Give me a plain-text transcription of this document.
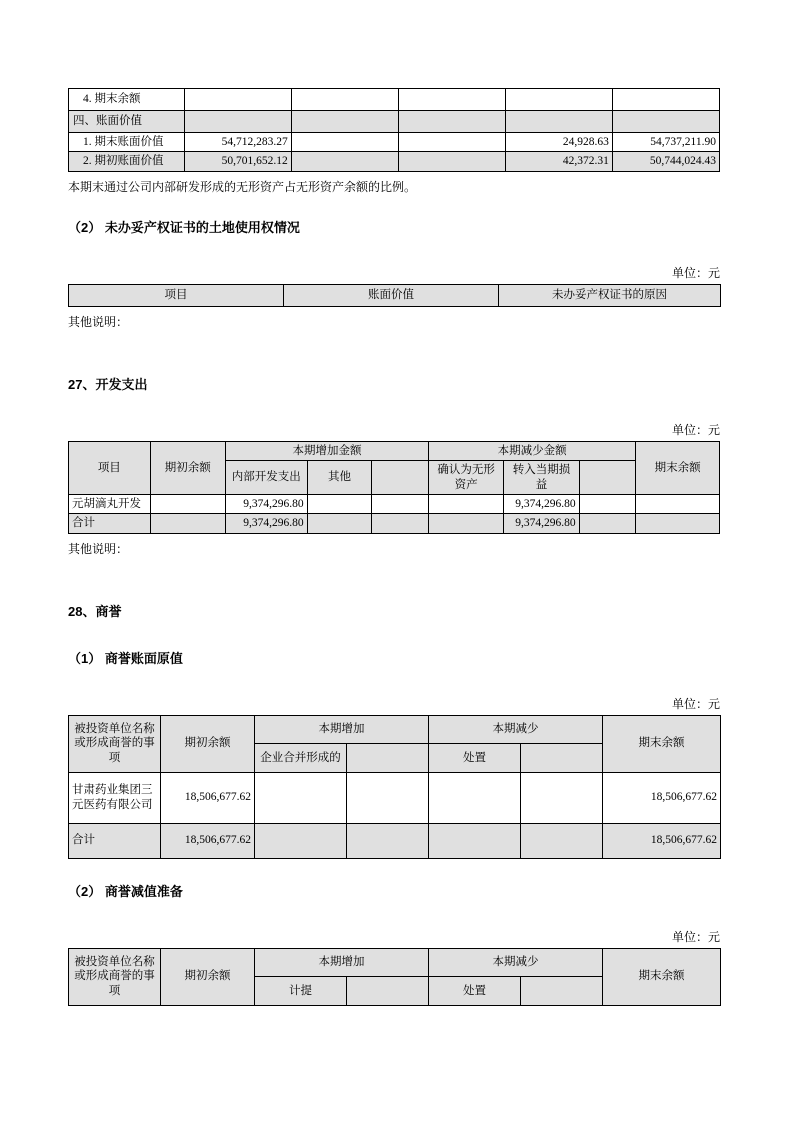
4. 期末余额					
四、账面价值					
1. 期末账面价值	54,712,283.27			24,928.63	54,737,211.90
2. 期初账面价值	50,701,652.12			42,372.31	50,744,024.43

本期末通过公司内部研发形成的无形资产占无形资产余额的比例。

（2） 未办妥产权证书的土地使用权情况

单位：元

项目	账面价值	未办妥产权证书的原因

其他说明：

27、开发支出

单位：元

项目	期初余额	本期增加金额			本期减少金额			期末余额
		内部开发支出	其他		确认为无形资产	转入当期损益		
元胡滴丸开发		9,374,296.80				9,374,296.80		
合计		9,374,296.80				9,374,296.80		

其他说明：

28、商誉
（1） 商誉账面原值

单位：元

被投资单位名称或形成商誉的事项	期初余额	本期增加		本期减少		期末余额
		企业合并形成的		处置		
甘肃药业集团三元医药有限公司	18,506,677.62					18,506,677.62
合计	18,506,677.62					18,506,677.62
（2） 商誉减值准备

单位：元

被投资单位名称或形成商誉的事项	期初余额	本期增加		本期减少		期末余额
		计提		处置		
